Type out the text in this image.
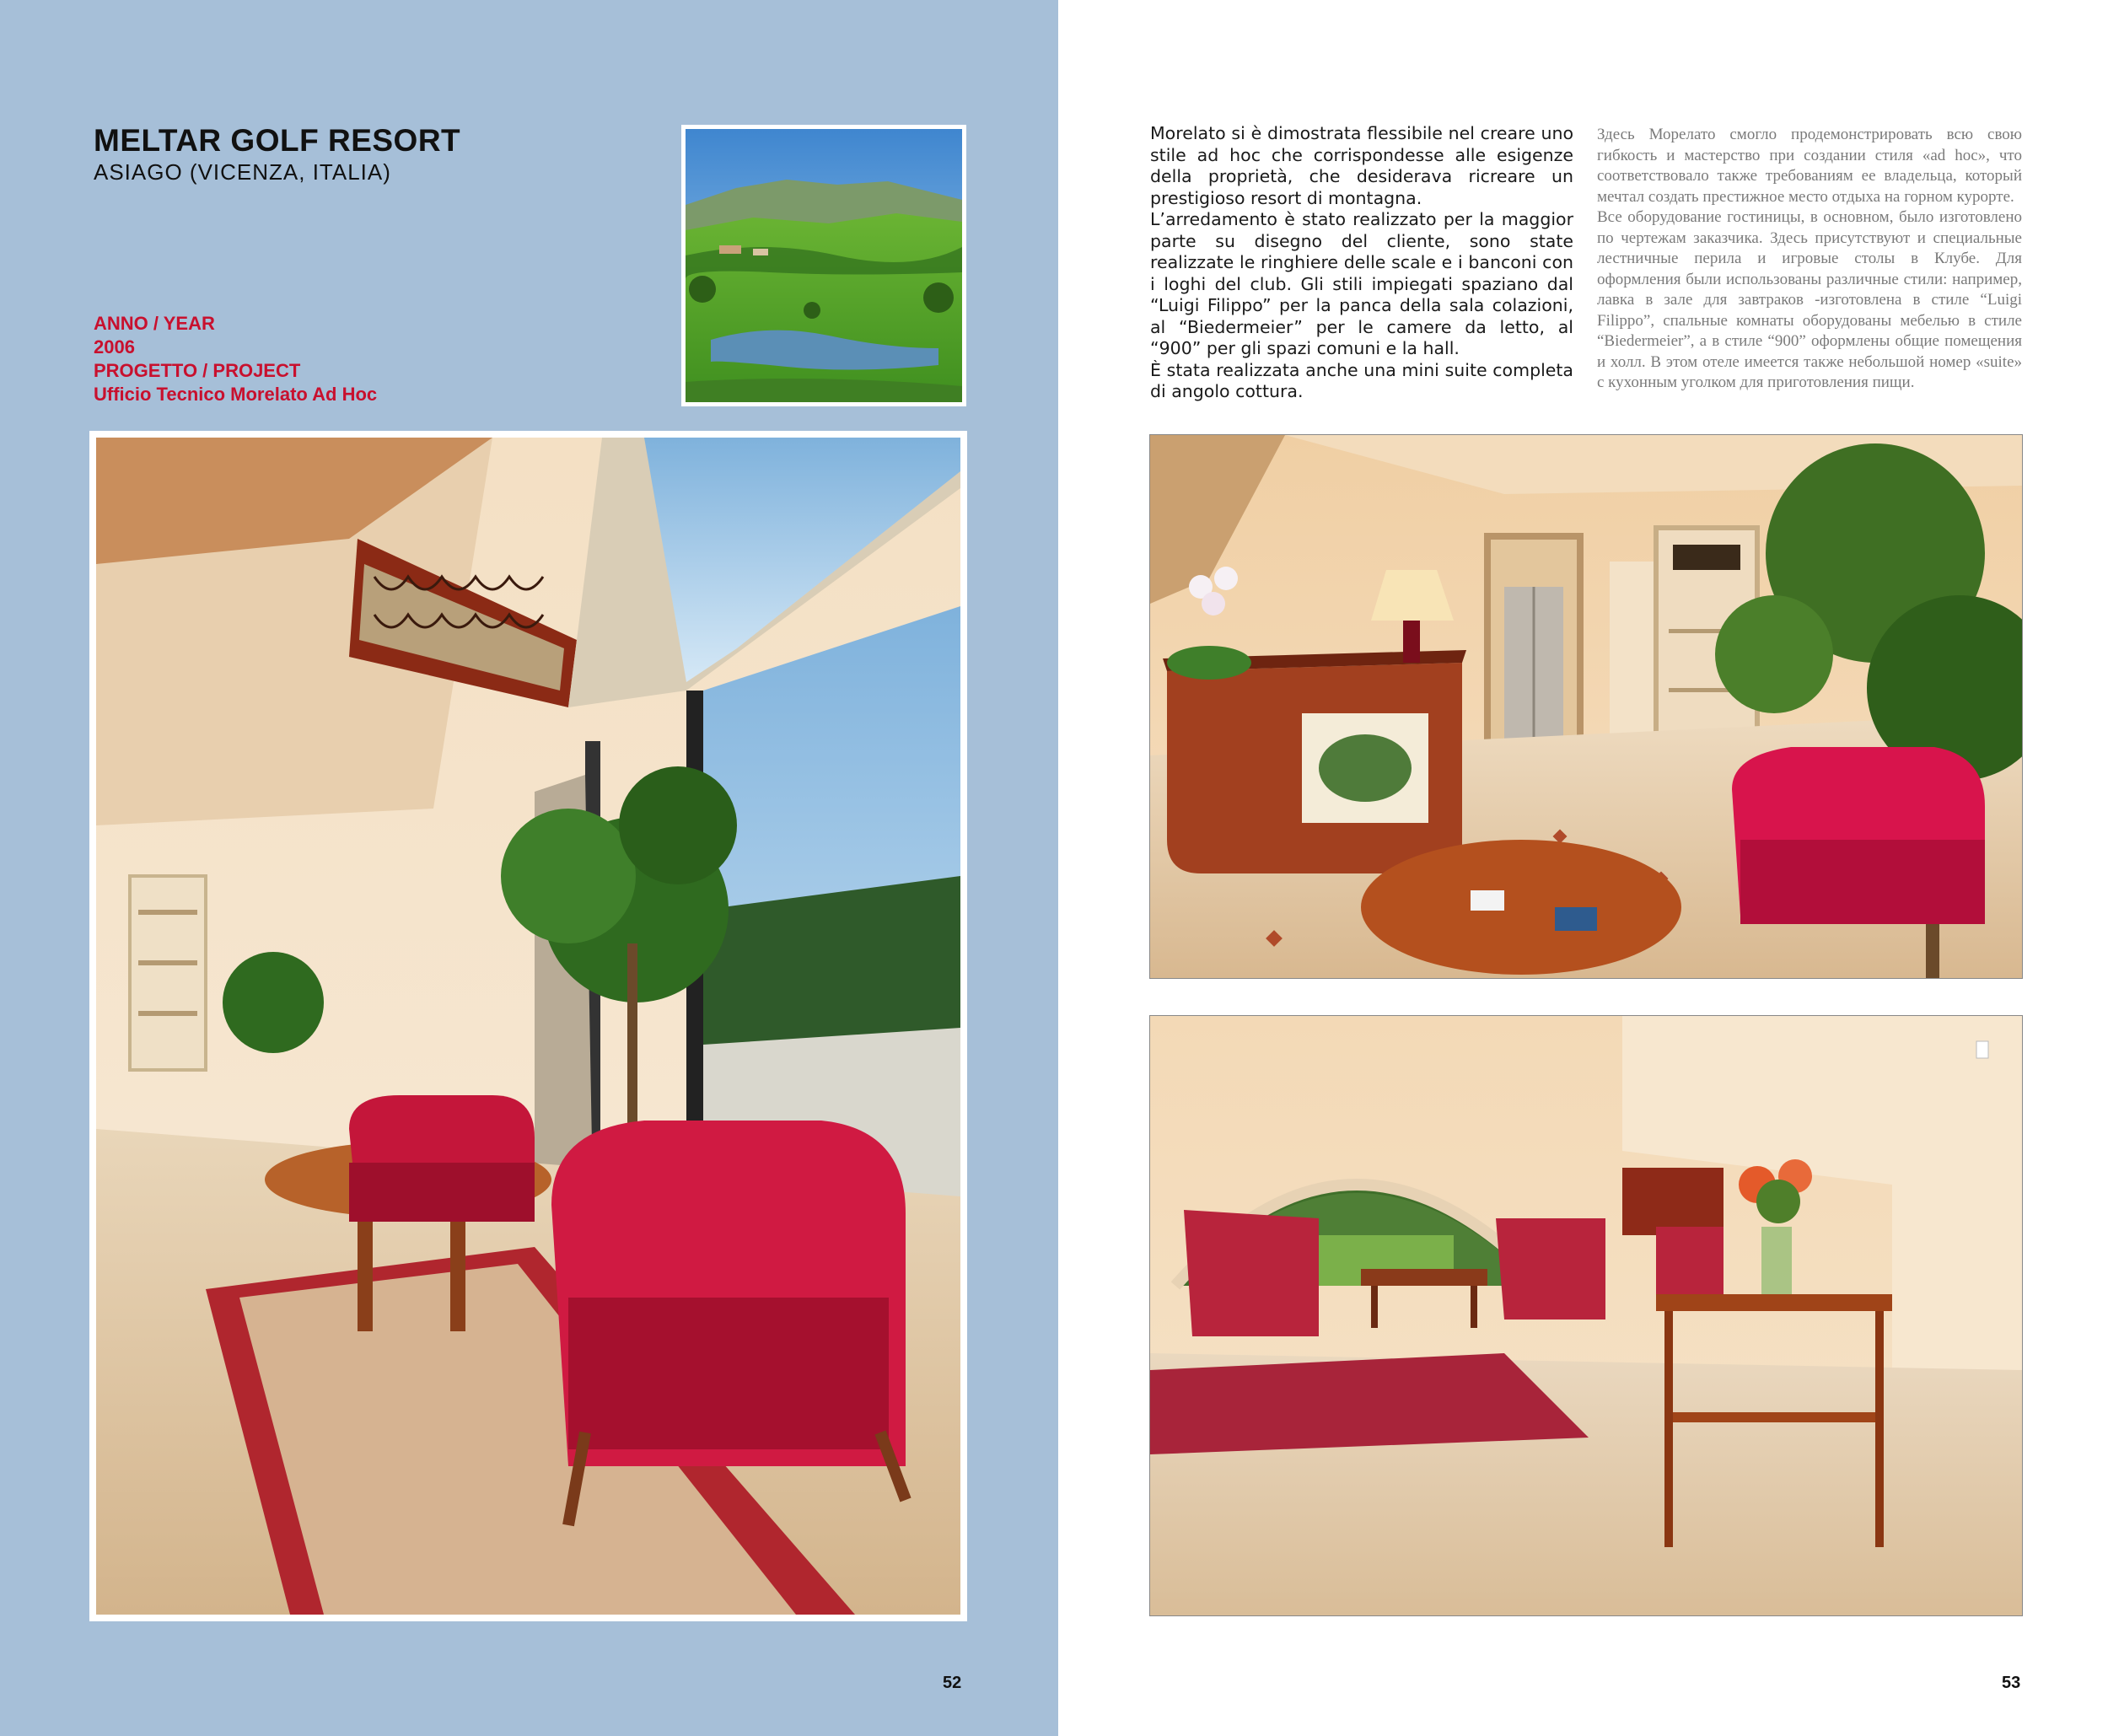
MELTAR GOLF RESORT
ASIAGO (VICENZA, ITALIA)
ANNO / YEAR
2006
PROGETTO / PROJECT
Ufficio Tecnico Morelato Ad Hoc
52

Morelato si è dimostrata flessibile nel creare uno stile ad hoc che corrispondesse alle esigenze della proprietà, che desiderava ricreare un prestigioso resort di montagna.

L’arredamento è stato realizzato per la maggior parte su disegno del cliente, sono state realizzate le ringhiere delle scale e i banconi con i loghi del club. Gli stili impiegati spaziano dal “Luigi Filippo” per la panca della sala colazioni, al “Biedermeier” per le camere da letto, al “900” per gli spazi comuni e la hall.

È stata realizzata anche una mini suite completa di angolo cottura.

Здесь Морелато смогло продемонстрировать всю свою гибкость и мастерство при создании стиля «ad hoc», что соответствовало также требованиям ее владельца, который мечтал создать престижное место отдыха на горном курорте.

Все оборудование гостиницы, в основном, было изготовлено по чертежам заказчика. Здесь присутствуют и специальные лестничные перила и игровые столы в Клубе. Для оформления были использованы различные стили: например, лавка в зале для завтраков -изготовлена в стиле “Luigi Filippo”, спальные комнаты оборудованы мебелью в стиле “Biedermeier”, а в стиле “900” оформлены общие помещения и холл. В этом отеле имеется также небольшой номер «suite» с кухонным уголком для приготовления пищи.

53
